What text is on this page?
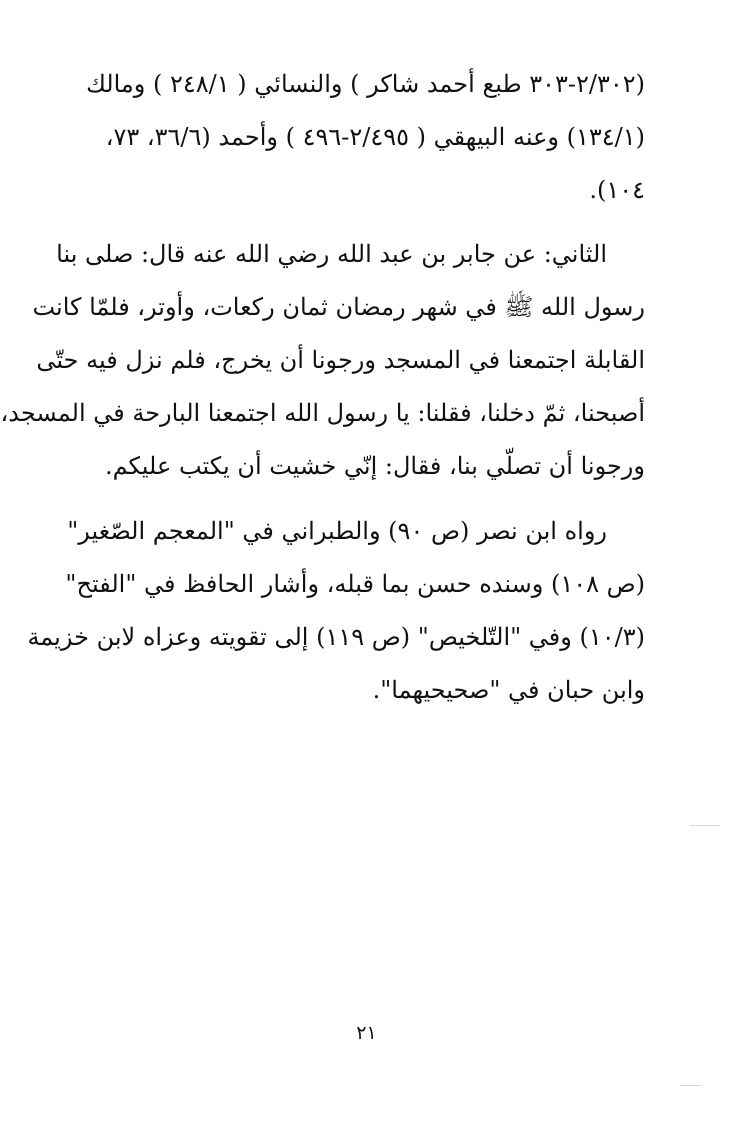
(٢/٣٠٢-٣٠٣ طبع أحمد شاكر ) والنسائي ( ٢٤٨/١ ) ومالك
(١٣٤/١) وعنه البيهقي ( ٢/٤٩٥-٤٩٦ ) وأحمد (٣٦/٦، ٧٣،
١٠٤).
الثاني: عن جابر بن عبد الله رضي الله عنه قال: صلى بنا
رسول الله ﷺ في شهر رمضان ثمان ركعات، وأوتر، فلمّا كانت
القابلة اجتمعنا في المسجد ورجونا أن يخرج، فلم نزل فيه حتّى
أصبحنا، ثمّ دخلنا، فقلنا: يا رسول الله اجتمعنا البارحة في المسجد،
ورجونا أن تصلّي بنا، فقال: إنّي خشيت أن يكتب عليكم.
رواه ابن نصر (ص ٩٠) والطبراني في "المعجم الصّغير"
(ص ١٠٨) وسنده حسن بما قبله، وأشار الحافظ في "الفتح"
(١٠/٣) وفي "التّلخيص" (ص ١١٩) إلى تقويته وعزاه لابن خزيمة
وابن حبان في "صحيحيهما".
٢١
